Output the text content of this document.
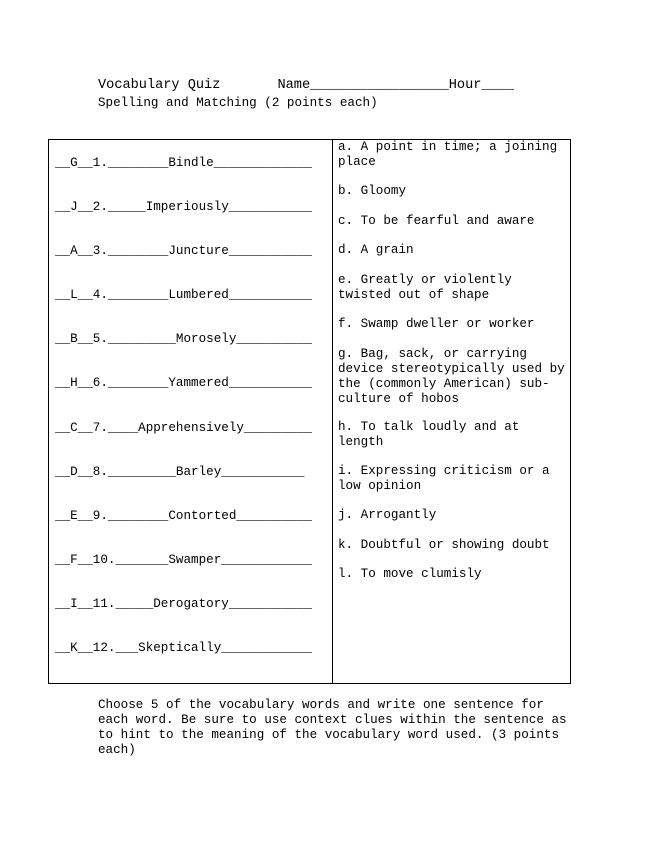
Vocabulary Quiz       Name_________________Hour____
Spelling and Matching (2 points each)
__G__1.________Bindle_____________
__J__2._____Imperiously___________
__A__3.________Juncture___________
__L__4.________Lumbered___________
__B__5._________Morosely__________
__H__6.________Yammered___________
__C__7.____Apprehensively_________
__D__8._________Barley___________
__E__9.________Contorted__________
__F__10._______Swamper____________
__I__11._____Derogatory___________
__K__12.___Skeptically____________
a. A point in time; a joining place
b. Gloomy
c. To be fearful and aware
d. A grain
e. Greatly or violently twisted out of shape
f. Swamp dweller or worker
g. Bag, sack, or carrying device stereotypically used by the (commonly American) sub-culture of hobos
h. To talk loudly and at length
i. Expressing criticism or a low opinion
j. Arrogantly
k. Doubtful or showing doubt
l. To move clumisly
Choose 5 of the vocabulary words and write one sentence for each word. Be sure to use context clues within the sentence as to hint to the meaning of the vocabulary word used. (3 points each)
